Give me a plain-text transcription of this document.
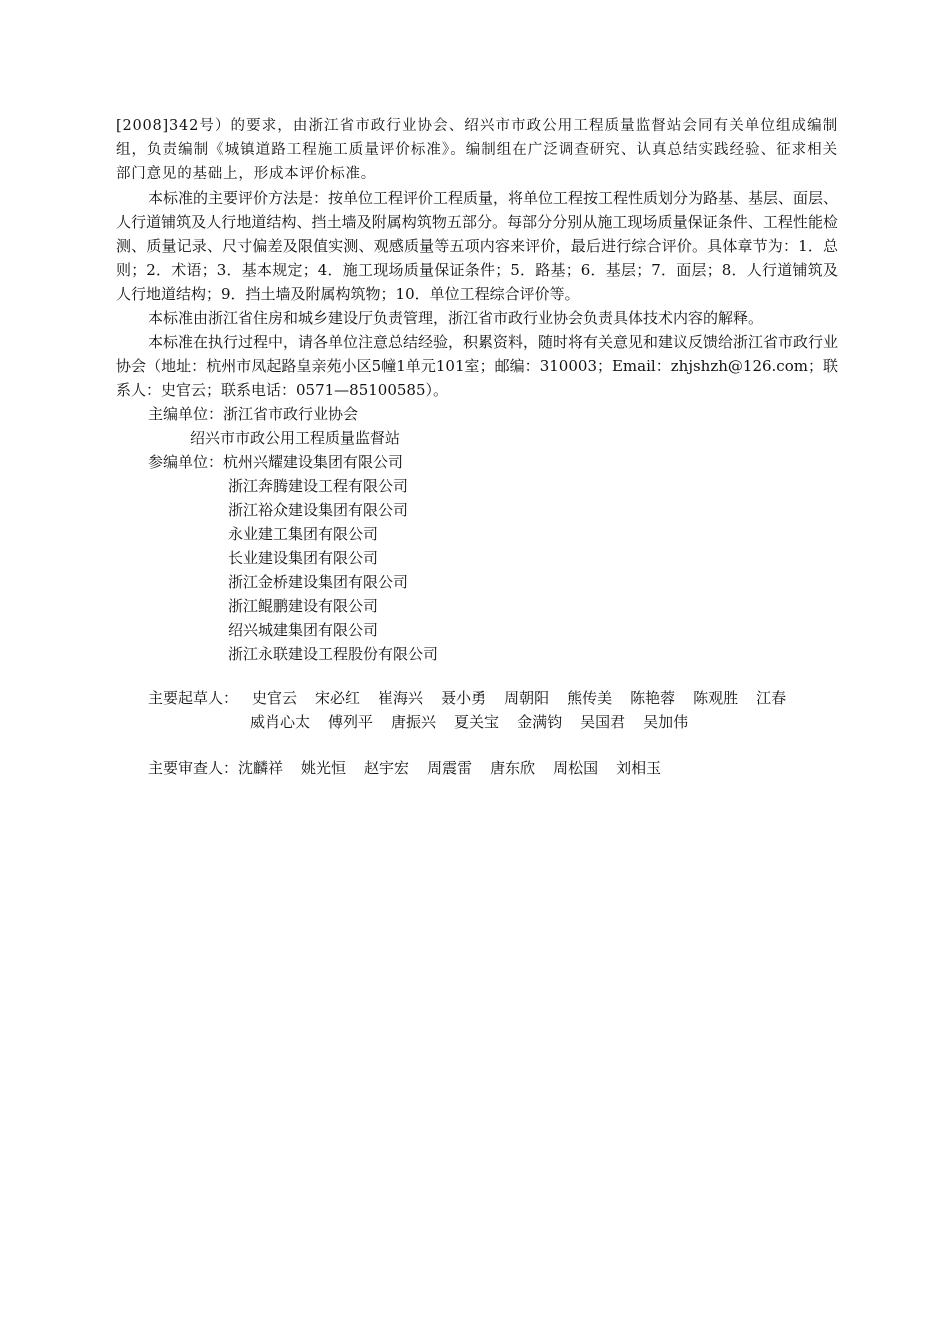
[2008]342号）的要求，由浙江省市政行业协会、绍兴市市政公用工程质量监督站会同有关单位组成编制组，负责编制《城镇道路工程施工质量评价标准》。编制组在广泛调查研究、认真总结实践经验、征求相关部门意见的基础上，形成本评价标准。

本标准的主要评价方法是：按单位工程评价工程质量，将单位工程按工程性质划分为路基、基层、面层、人行道铺筑及人行地道结构、挡土墙及附属构筑物五部分。每部分分别从施工现场质量保证条件、工程性能检测、质量记录、尺寸偏差及限值实测、观感质量等五项内容来评价，最后进行综合评价。具体章节为：1．总则；2．术语；3．基本规定；4．施工现场质量保证条件；5．路基；6．基层；7．面层；8．人行道铺筑及人行地道结构；9．挡土墙及附属构筑物；10．单位工程综合评价等。

本标准由浙江省住房和城乡建设厅负责管理，浙江省市政行业协会负责具体技术内容的解释。

本标准在执行过程中，请各单位注意总结经验，积累资料，随时将有关意见和建议反馈给浙江省市政行业协会（地址：杭州市凤起路皇亲苑小区5幢1单元101室；邮编：310003；Email：zhjshzh@126.com；联系人：史官云；联系电话：0571—85100585）。

主编单位：浙江省市政行业协会

绍兴市市政公用工程质量监督站

参编单位：杭州兴耀建设集团有限公司

浙江奔腾建设工程有限公司

浙江裕众建设集团有限公司

永业建工集团有限公司

长业建设集团有限公司

浙江金桥建设集团有限公司

浙江鲲鹏建设有限公司

绍兴城建集团有限公司

浙江永联建设工程股份有限公司

主要起草人： 史官云 宋必红 崔海兴 聂小勇 周朝阳 熊传美 陈艳蓉 陈观胜 江春

威肖心太 傅列平 唐振兴 夏关宝 金满钧 吴国君 吴加伟

主要审查人：沈麟祥 姚光恒 赵宇宏 周震雷 唐东欣 周松国 刘相玉
